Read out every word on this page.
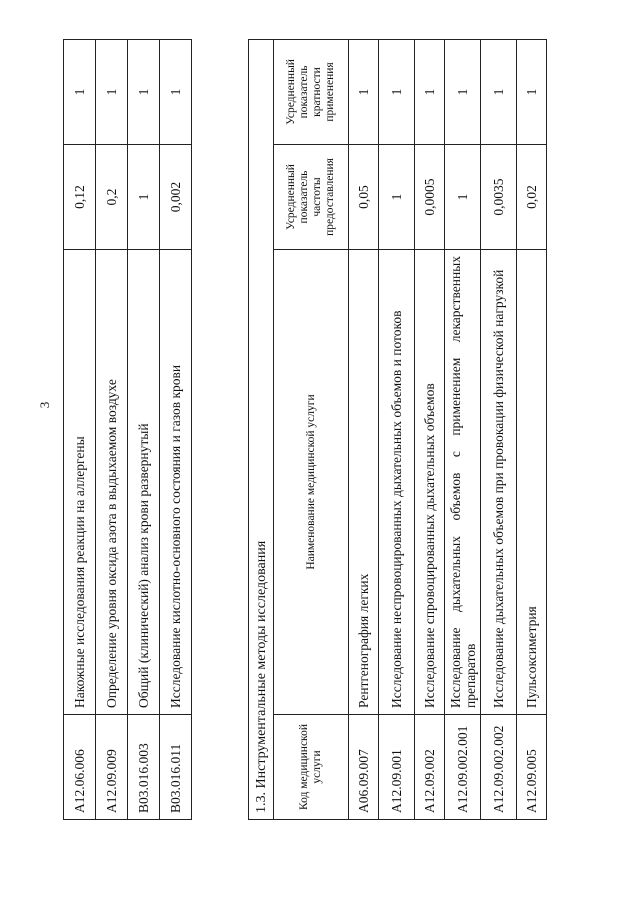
3
A12.06.006	Накожные исследования реакции на аллергены	0,12	1
A12.09.009	Определение уровня оксида азота в выдыхаемом воздухе	0,2	1
B03.016.003	Общий (клинический) анализ крови развернутый	1	1
B03.016.011	Исследование кислотно-основного состояния и газов крови	0,002	1
1.3. Инструментальные методы исследования			
Код медицинской услуги	Наименование медицинской услуги	Усредненный показатель частоты предоставления	Усредненный показатель кратности применения
A06.09.007	Рентгенография легких	0,05	1
A12.09.001	Исследование неспровоцированных дыхательных объемов и потоков	1	1
A12.09.002	Исследование спровоцированных дыхательных объемов	0,0005	1
A12.09.002.001	Исследование дыхательных объемов с применением лекарственных препаратов	1	1
A12.09.002.002	Исследование дыхательных объемов при провокации физической нагрузкой	0,0035	1
A12.09.005	Пульсоксиметрия	0,02	1
